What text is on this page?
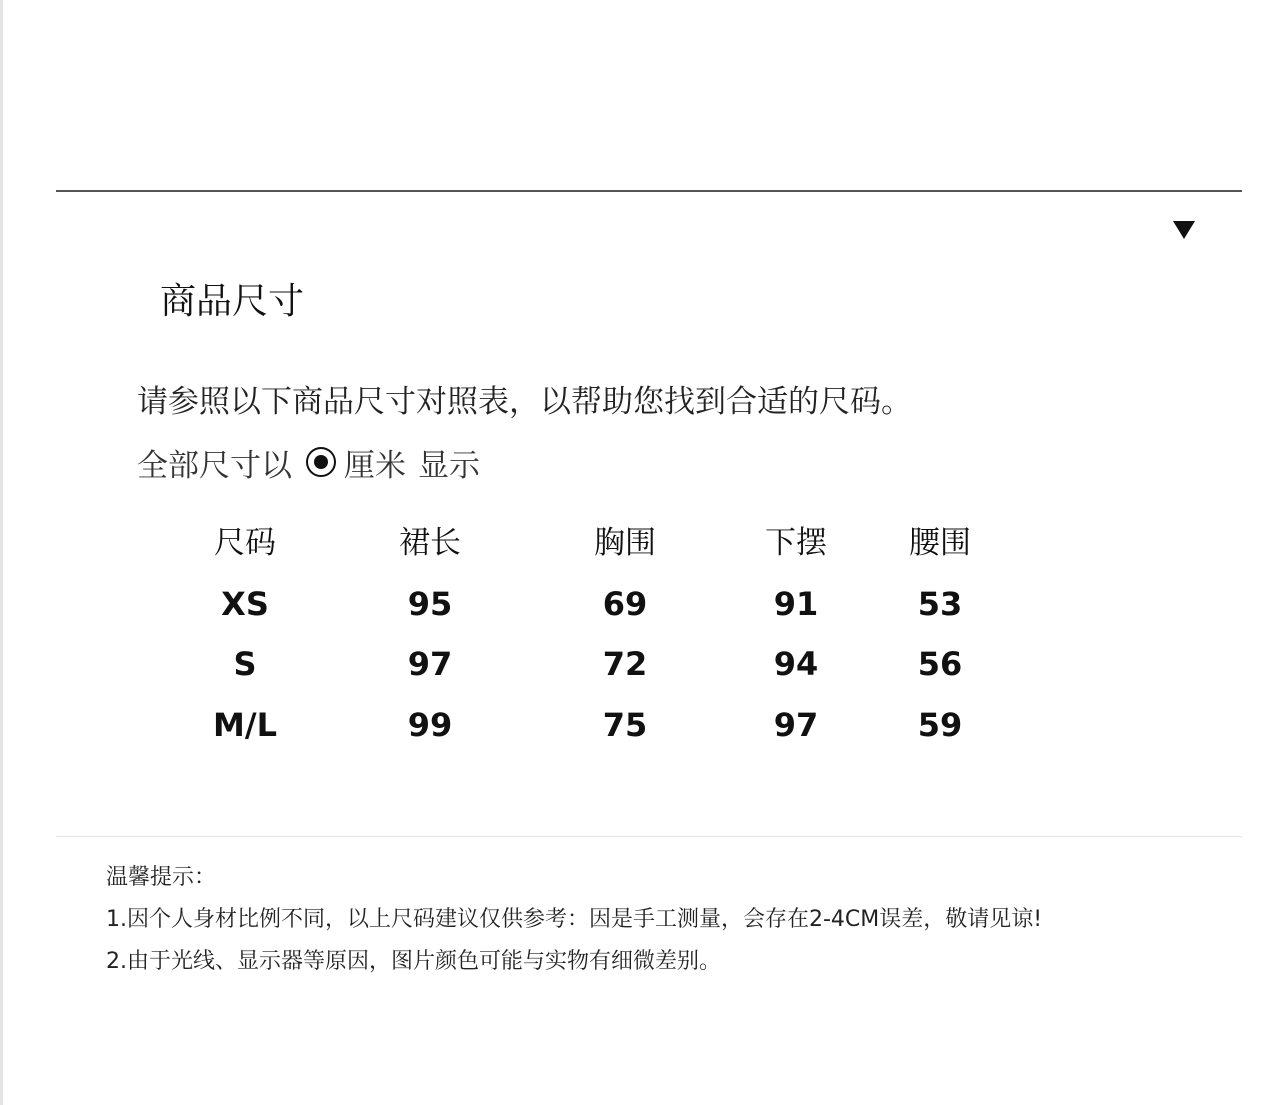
商品尺寸
请参照以下商品尺寸对照表，以帮助您找到合适的尺码。
全部尺寸以 厘米 显示
尺码	裙长	胸围	下摆	腰围
XS	95	69	91	53
S	97	72	94	56
M/L	99	75	97	59
温馨提示：
1.因个人身材比例不同，以上尺码建议仅供参考：因是手工测量，会存在2-4CM误差，敬请见谅!
2.由于光线、显示器等原因，图片颜色可能与实物有细微差别。
